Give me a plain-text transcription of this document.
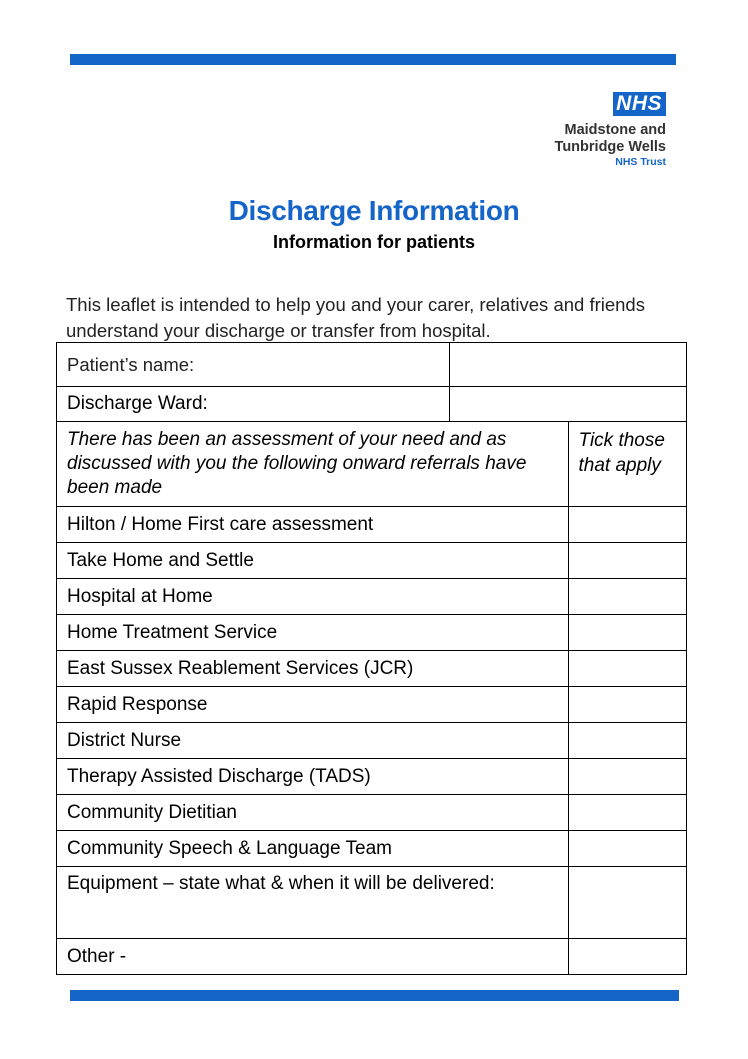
NHS
Maidstone and
Tunbridge Wells
NHS Trust
Discharge Information
Information for patients
This leaflet is intended to help you and your carer, relatives and friends understand your discharge or transfer from hospital.
Patient’s name:		
Discharge Ward:		
There has been an assessment of your need and as discussed with you the following onward referrals have been made		Tick those that apply
Hilton / Home First care assessment		
Take Home and Settle		
Hospital at Home		
Home Treatment Service		
East Sussex Reablement Services (JCR)		
Rapid Response		
District Nurse		
Therapy Assisted Discharge (TADS)		
Community Dietitian		
Community Speech & Language Team		
Equipment – state what & when it will be delivered:		
Other -		
